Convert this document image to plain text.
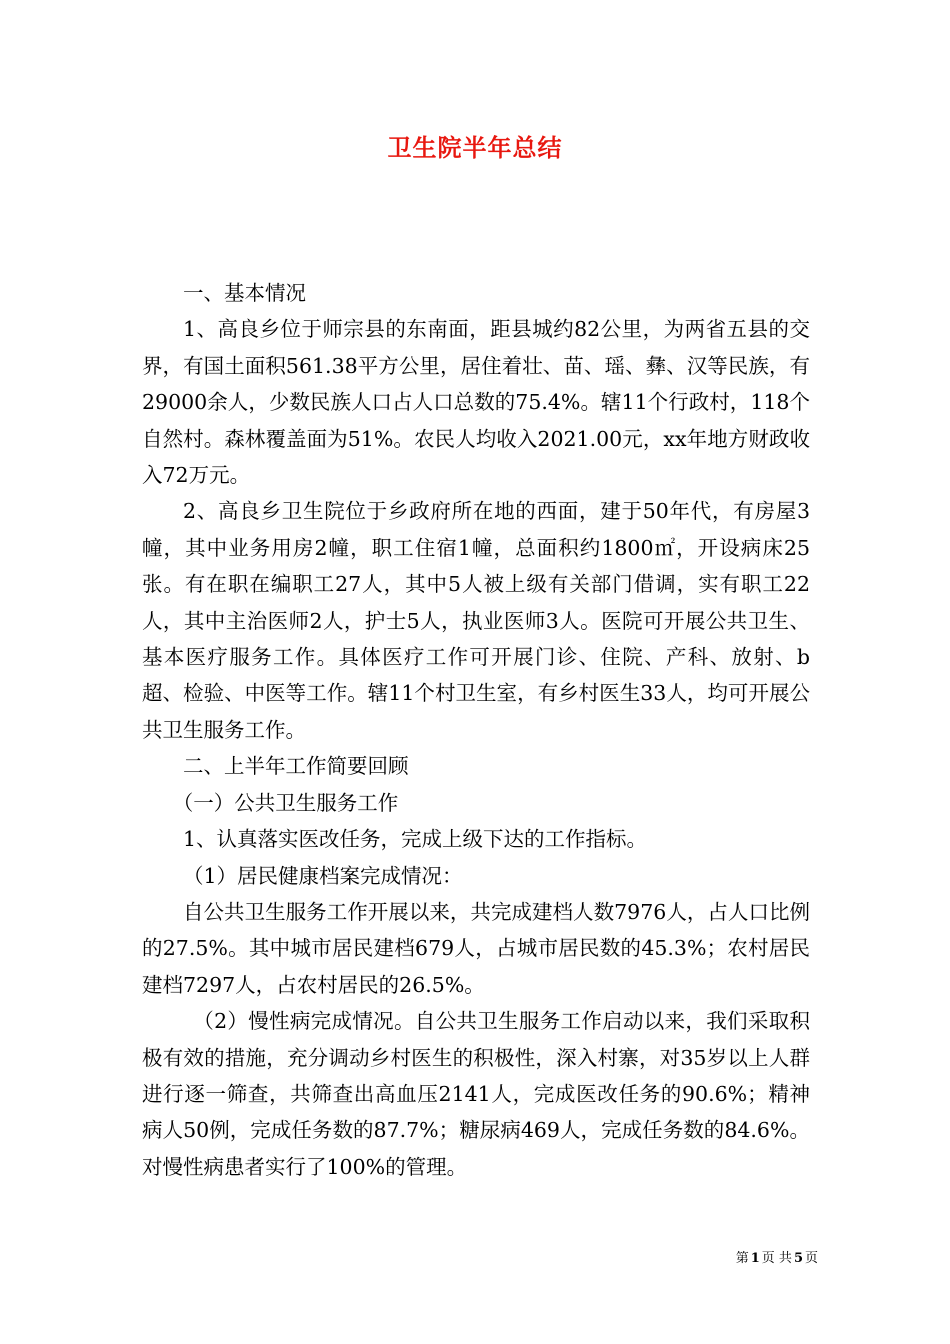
卫生院半年总结

一、基本情况

1、高良乡位于师宗县的东南面，距县城约82公里，为两省五县的交界，有国土面积561.38平方公里，居住着壮、苗、瑶、彝、汉等民族，有29000余人，少数民族人口占人口总数的75.4%。辖11个行政村，118个自然村。森林覆盖面为51%。农民人均收入2021.00元，xx年地方财政收入72万元。

2、高良乡卫生院位于乡政府所在地的西面，建于50年代，有房屋3幢，其中业务用房2幢，职工住宿1幢，总面积约1800㎡，开设病床25张。有在职在编职工27人，其中5人被上级有关部门借调，实有职工22人，其中主治医师2人，护士5人，执业医师3人。医院可开展公共卫生、基本医疗服务工作。具体医疗工作可开展门诊、住院、产科、放射、b超、检验、中医等工作。辖11个村卫生室，有乡村医生33人，均可开展公共卫生服务工作。

二、上半年工作简要回顾

（一）公共卫生服务工作

1、认真落实医改任务，完成上级下达的工作指标。

（1）居民健康档案完成情况：

自公共卫生服务工作开展以来，共完成建档人数7976人，占人口比例的27.5%。其中城市居民建档679人，占城市居民数的45.3%；农村居民建档7297人，占农村居民的26.5%。

（2）慢性病完成情况。自公共卫生服务工作启动以来，我们采取积极有效的措施，充分调动乡村医生的积极性，深入村寨，对35岁以上人群进行逐一筛查，共筛查出高血压2141人，完成医改任务的90.6%；精神病人50例，完成任务数的87.7%；糖尿病469人，完成任务数的84.6%。对慢性病患者实行了100%的管理。

第 1 页 共 5 页
